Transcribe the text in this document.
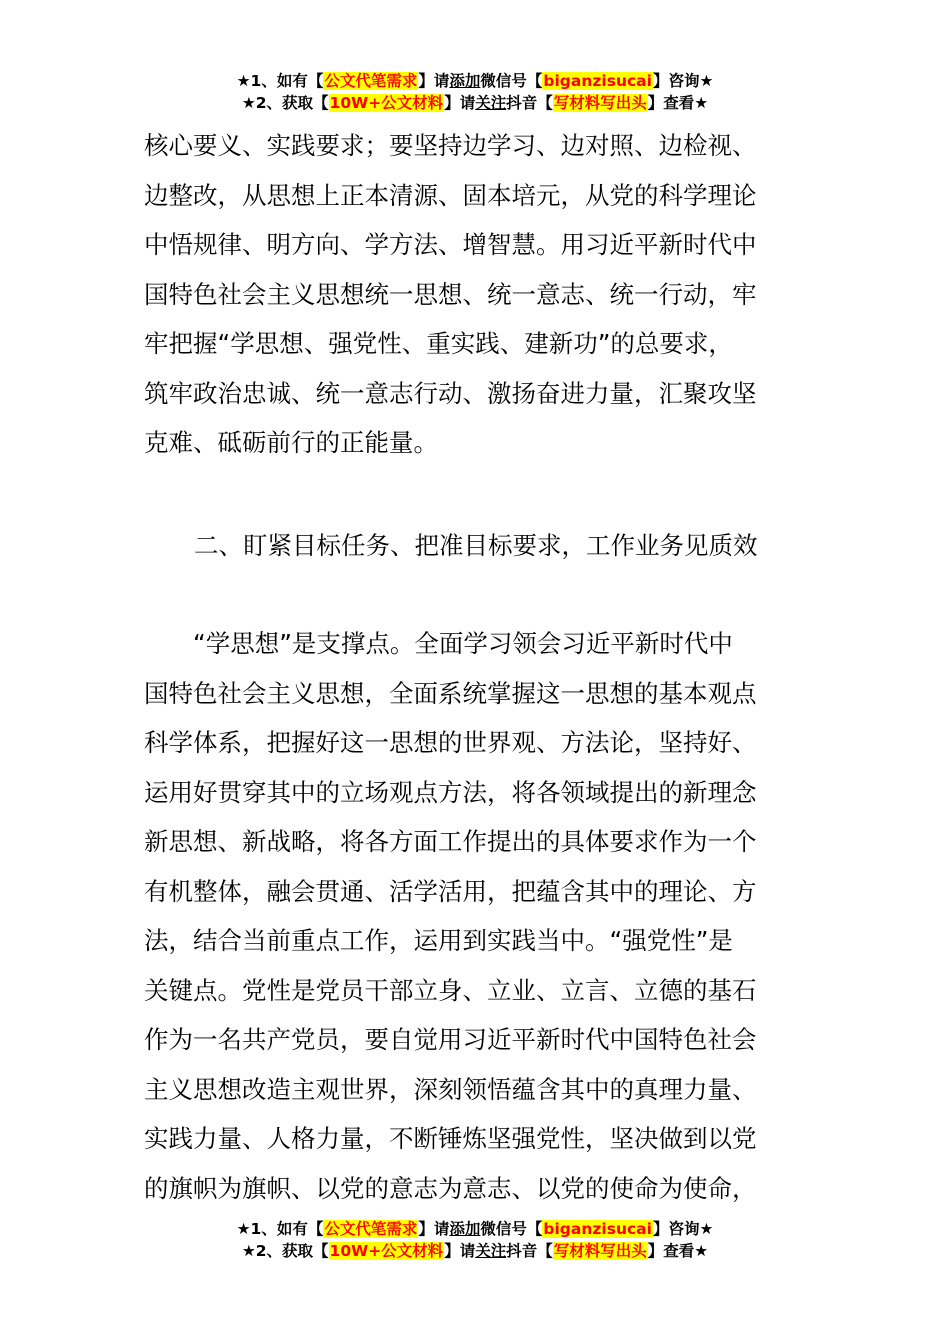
★1、如有【公文代笔需求】请添加微信号【biganzisucai】咨询★
★2、获取【10W+公文材料】请关注抖音【写材料写出头】查看★
核心要义、实践要求；要坚持边学习、边对照、边检视、
边整改，从思想上正本清源、固本培元，从党的科学理论
中悟规律、明方向、学方法、增智慧。用习近平新时代中
国特色社会主义思想统一思想、统一意志、统一行动，牢
牢把握“学思想、强党性、重实践、建新功”的总要求，
筑牢政治忠诚、统一意志行动、激扬奋进力量，汇聚攻坚
克难、砥砺前行的正能量。
二、盯紧目标任务、把准目标要求，工作业务见质效
“学思想”是支撑点。全面学习领会习近平新时代中
国特色社会主义思想，全面系统掌握这一思想的基本观点
科学体系，把握好这一思想的世界观、方法论，坚持好、
运用好贯穿其中的立场观点方法，将各领域提出的新理念
新思想、新战略，将各方面工作提出的具体要求作为一个
有机整体，融会贯通、活学活用，把蕴含其中的理论、方
法，结合当前重点工作，运用到实践当中。“强党性”是
关键点。党性是党员干部立身、立业、立言、立德的基石
作为一名共产党员，要自觉用习近平新时代中国特色社会
主义思想改造主观世界，深刻领悟蕴含其中的真理力量、
实践力量、人格力量，不断锤炼坚强党性，坚决做到以党
的旗帜为旗帜、以党的意志为意志、以党的使命为使命，
★1、如有【公文代笔需求】请添加微信号【biganzisucai】咨询★
★2、获取【10W+公文材料】请关注抖音【写材料写出头】查看★
